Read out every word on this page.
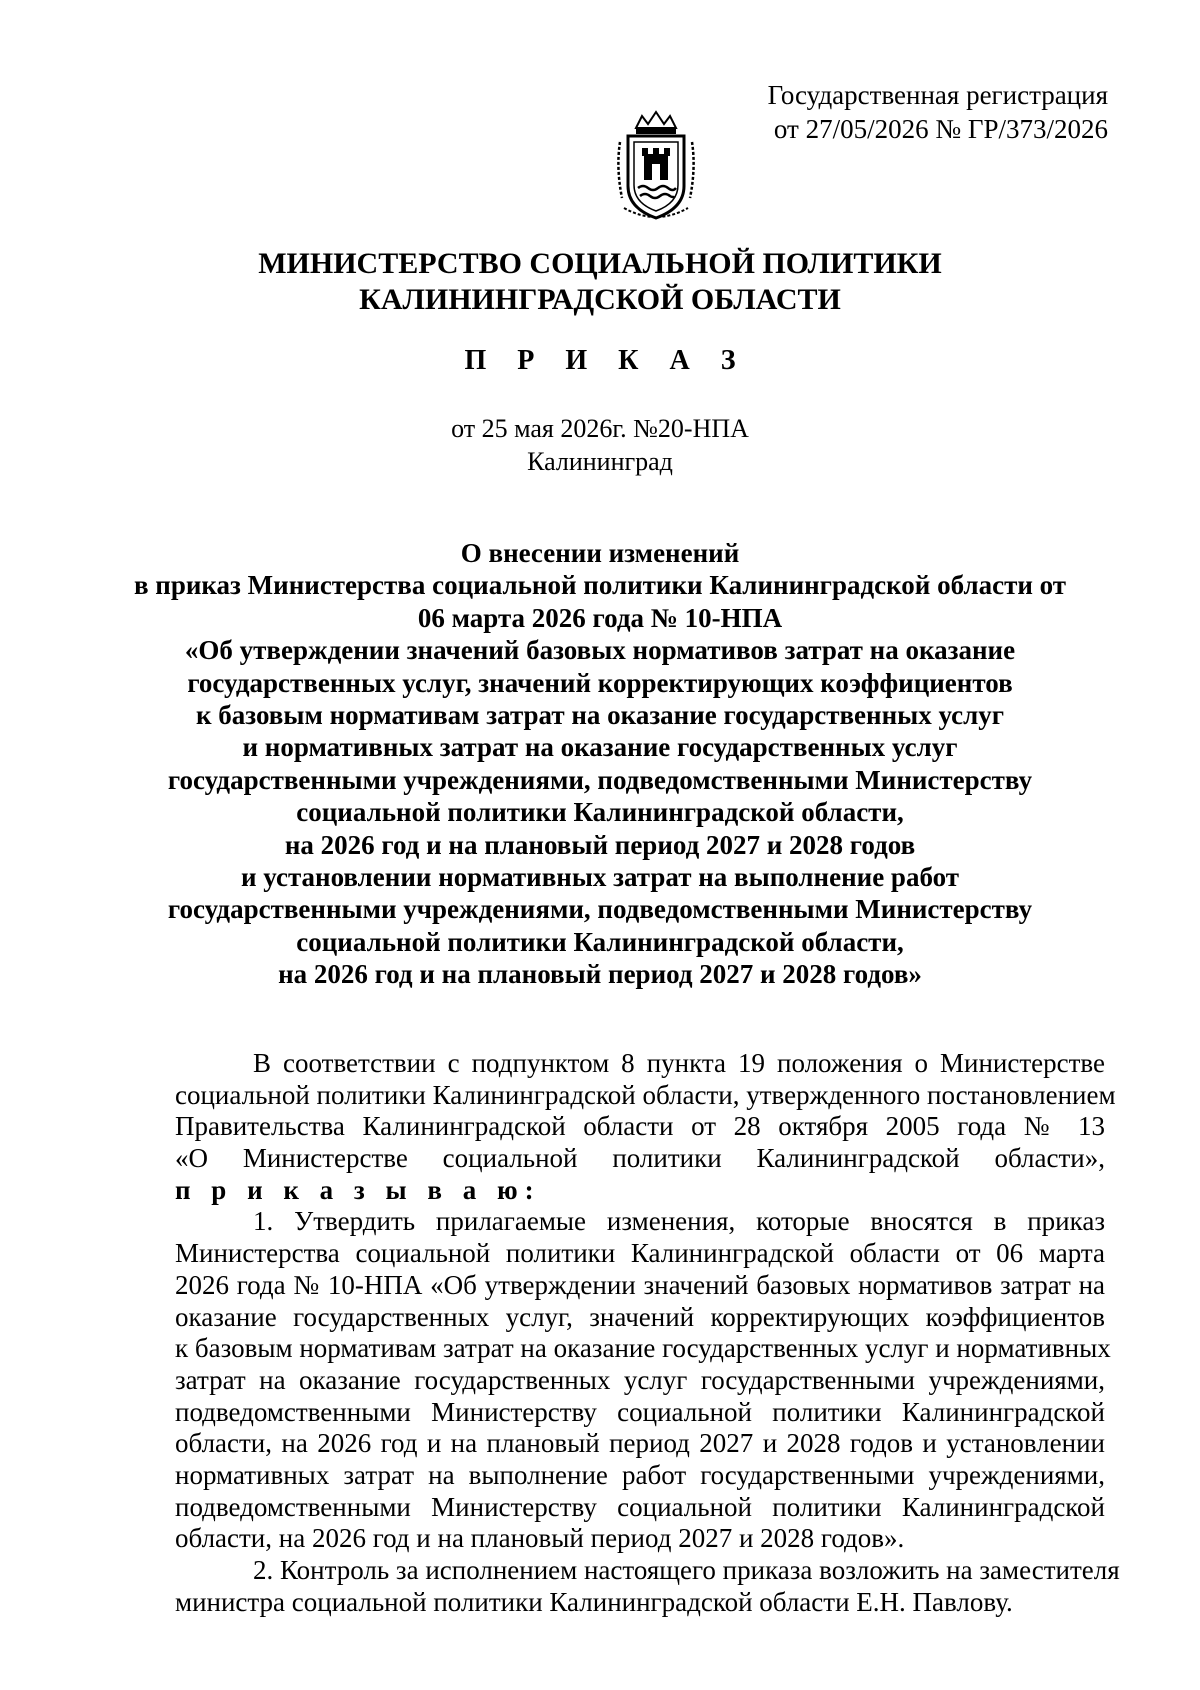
Государственная регистрация
от 27/05/2026 № ГР/373/2026
МИНИСТЕРСТВО СОЦИАЛЬНОЙ ПОЛИТИКИ
КАЛИНИНГРАДСКОЙ ОБЛАСТИ
П Р И К А З
от 25 мая 2026г. №20-НПА
Калининград
О внесении изменений
в приказ Министерства социальной политики Калининградской области от
06 марта 2026 года № 10-НПА
«Об утверждении значений базовых нормативов затрат на оказание
государственных услуг, значений корректирующих коэффициентов
к базовым нормативам затрат на оказание государственных услуг
и нормативных затрат на оказание государственных услуг
государственными учреждениями, подведомственными Министерству
социальной политики Калининградской области,
на 2026 год и на плановый период 2027 и 2028 годов
и установлении нормативных затрат на выполнение работ
государственными учреждениями, подведомственными Министерству
социальной политики Калининградской области,
на 2026 год и на плановый период 2027 и 2028 годов»
В соответствии с подпунктом 8 пункта 19 положения о Министерстве
социальной политики Калининградской области, утвержденного постановлением
Правительства Калининградской области от 28 октября 2005 года № 13
«О Министерстве социальной политики Калининградской области»,
п р и к а з ы в а ю:
1. Утвердить прилагаемые изменения, которые вносятся в приказ
Министерства социальной политики Калининградской области от 06 марта
2026 года № 10-НПА «Об утверждении значений базовых нормативов затрат на
оказание государственных услуг, значений корректирующих коэффициентов
к базовым нормативам затрат на оказание государственных услуг и нормативных
затрат на оказание государственных услуг государственными учреждениями,
подведомственными Министерству социальной политики Калининградской
области, на 2026 год и на плановый период 2027 и 2028 годов и установлении
нормативных затрат на выполнение работ государственными учреждениями,
подведомственными Министерству социальной политики Калининградской
области, на 2026 год и на плановый период 2027 и 2028 годов».
2. Контроль за исполнением настоящего приказа возложить на заместителя
министра социальной политики Калининградской области Е.Н. Павлову.
